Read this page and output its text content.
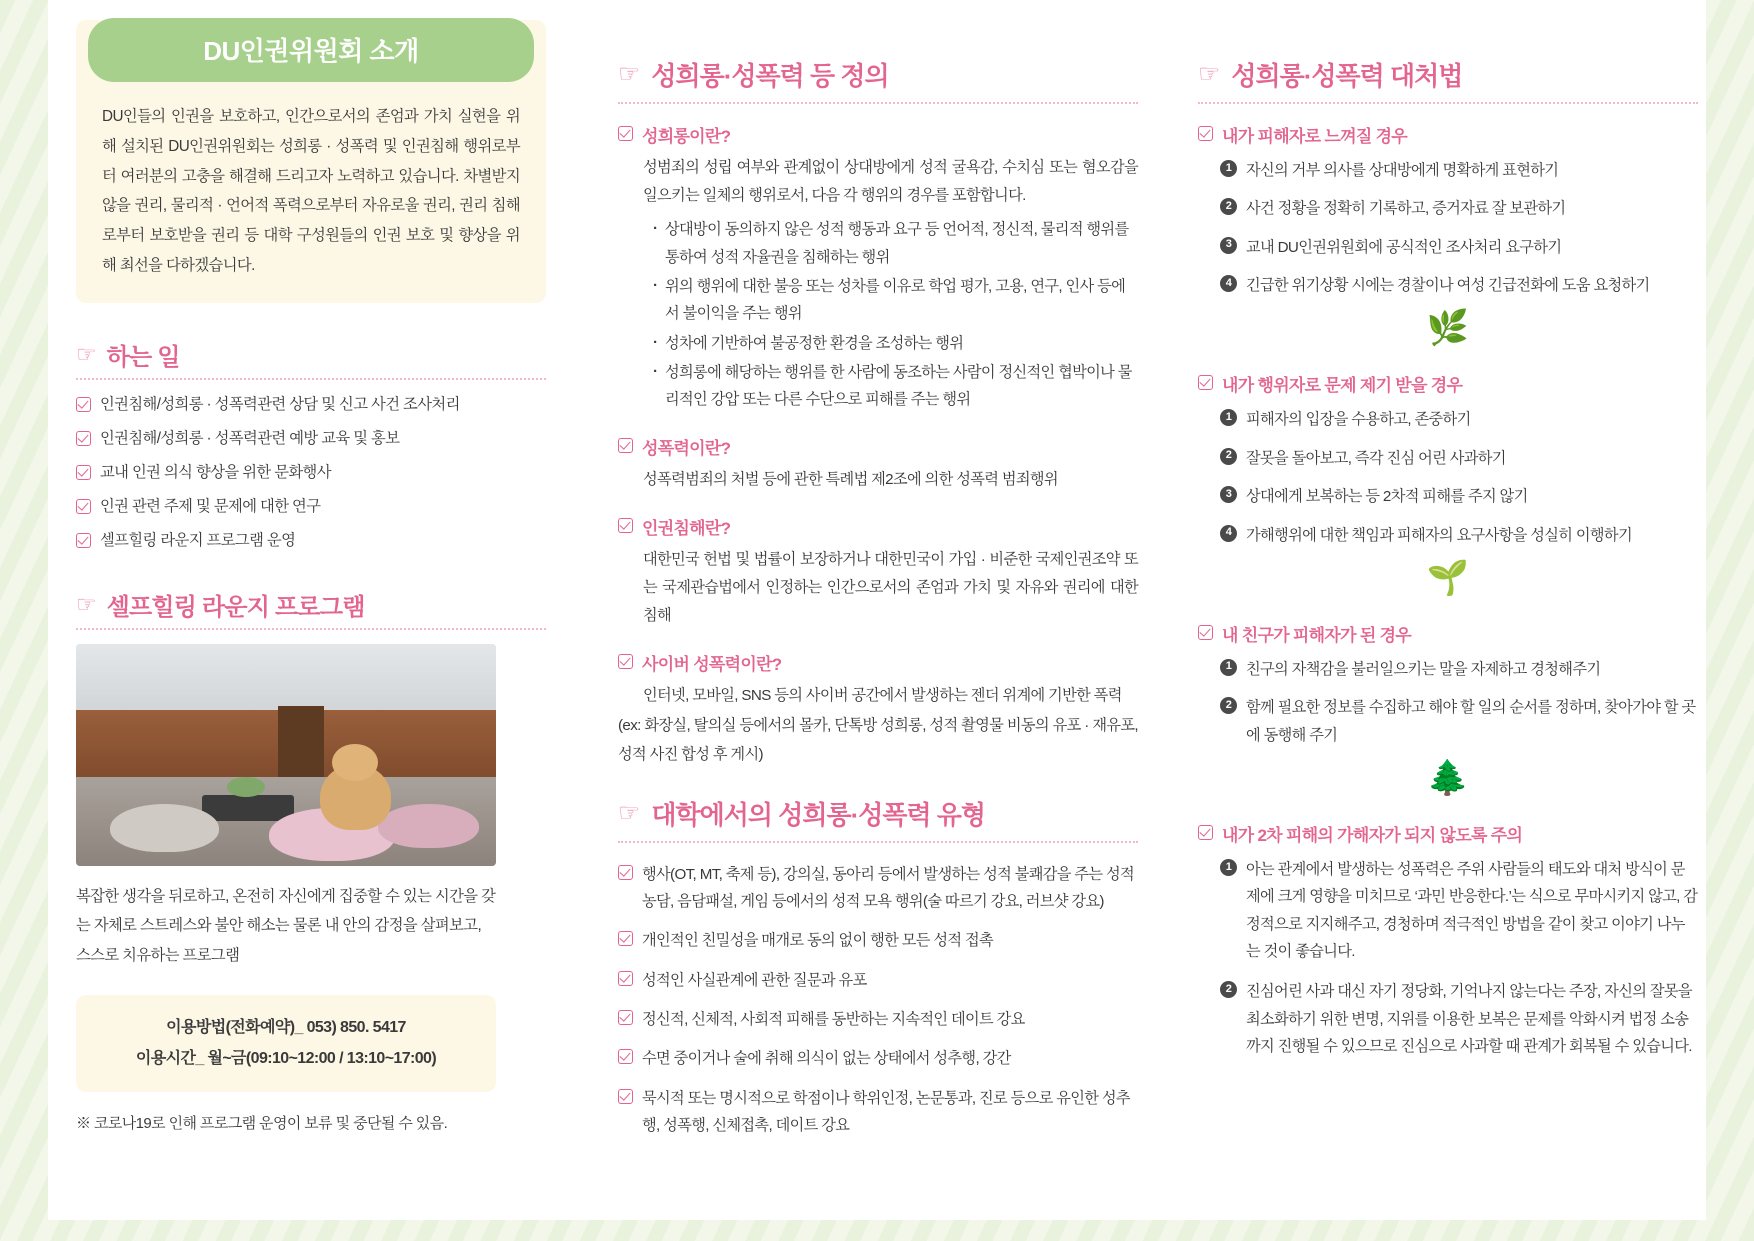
DU인권위원회 소개
DU인들의 인권을 보호하고, 인간으로서의 존엄과 가치 실현을 위해 설치된 DU인권위원회는 성희롱 · 성폭력 및 인권침해 행위로부터 여러분의 고충을 해결해 드리고자 노력하고 있습니다. 차별받지 않을 권리, 물리적 · 언어적 폭력으로부터 자유로울 권리, 권리 침해로부터 보호받을 권리 등 대학 구성원들의 인권 보호 및 향상을 위해 최선을 다하겠습니다.
☞ 하는 일
인권침해/성희롱 · 성폭력관련 상담 및 신고 사건 조사처리
인권침해/성희롱 · 성폭력관련 예방 교육 및 홍보
교내 인권 의식 향상을 위한 문화행사
인권 관련 주제 및 문제에 대한 연구
셀프힐링 라운지 프로그램 운영
☞ 셀프힐링 라운지 프로그램
복잡한 생각을 뒤로하고, 온전히 자신에게 집중할 수 있는 시간을 갖는 자체로 스트레스와 불안 해소는 물론 내 안의 감정을 살펴보고, 스스로 치유하는 프로그램
이용방법(전화예약)_ 053) 850. 5417
이용시간_ 월~금(09:10~12:00 / 13:10~17:00)
※ 코로나19로 인해 프로그램 운영이 보류 및 중단될 수 있음.
☞ 성희롱·성폭력 등 정의
성희롱이란?
성범죄의 성립 여부와 관계없이 상대방에게 성적 굴욕감, 수치심 또는 혐오감을 일으키는 일체의 행위로서, 다음 각 행위의 경우를 포함합니다.
· 상대방이 동의하지 않은 성적 행동과 요구 등 언어적, 정신적, 물리적 행위를 통하여 성적 자율권을 침해하는 행위
· 위의 행위에 대한 불응 또는 성차를 이유로 학업 평가, 고용, 연구, 인사 등에서 불이익을 주는 행위
· 성차에 기반하여 불공정한 환경을 조성하는 행위
· 성희롱에 해당하는 행위를 한 사람에 동조하는 사람이 정신적인 협박이나 물리적인 강압 또는 다른 수단으로 피해를 주는 행위
성폭력이란?
성폭력범죄의 처벌 등에 관한 특례법 제2조에 의한 성폭력 범죄행위
인권침해란?
대한민국 헌법 및 법률이 보장하거나 대한민국이 가입 · 비준한 국제인권조약 또는 국제관습법에서 인정하는 인간으로서의 존엄과 가치 및 자유와 권리에 대한 침해
사이버 성폭력이란?
인터넷, 모바일, SNS 등의 사이버 공간에서 발생하는 젠더 위계에 기반한 폭력
(ex: 화장실, 탈의실 등에서의 몰카, 단톡방 성희롱, 성적 촬영물 비동의 유포 · 재유포, 성적 사진 합성 후 게시)
☞ 대학에서의 성희롱·성폭력 유형
행사(OT, MT, 축제 등), 강의실, 동아리 등에서 발생하는 성적 불쾌감을 주는 성적 농담, 음담패설, 게임 등에서의 성적 모욕 행위(술 따르기 강요, 러브샷 강요)
개인적인 친밀성을 매개로 동의 없이 행한 모든 성적 접촉
성적인 사실관계에 관한 질문과 유포
정신적, 신체적, 사회적 피해를 동반하는 지속적인 데이트 강요
수면 중이거나 술에 취해 의식이 없는 상태에서 성추행, 강간
묵시적 또는 명시적으로 학점이나 학위인정, 논문통과, 진로 등으로 유인한 성추행, 성폭행, 신체접촉, 데이트 강요
☞ 성희롱·성폭력 대처법
내가 피해자로 느껴질 경우
1 자신의 거부 의사를 상대방에게 명확하게 표현하기
2 사건 정황을 정확히 기록하고, 증거자료 잘 보관하기
3 교내 DU인권위원회에 공식적인 조사처리 요구하기
4 긴급한 위기상황 시에는 경찰이나 여성 긴급전화에 도움 요청하기
🌿
내가 행위자로 문제 제기 받을 경우
1 피해자의 입장을 수용하고, 존중하기
2 잘못을 돌아보고, 즉각 진심 어린 사과하기
3 상대에게 보복하는 등 2차적 피해를 주지 않기
4 가해행위에 대한 책임과 피해자의 요구사항을 성실히 이행하기
🌱
내 친구가 피해자가 된 경우
1 친구의 자책감을 불러일으키는 말을 자제하고 경청해주기
2 함께 필요한 정보를 수집하고 해야 할 일의 순서를 정하며, 찾아가야 할 곳에 동행해 주기
🌲
내가 2차 피해의 가해자가 되지 않도록 주의
1 아는 관계에서 발생하는 성폭력은 주위 사람들의 태도와 대처 방식이 문제에 크게 영향을 미치므로 ‘과민 반응한다.’는 식으로 무마시키지 않고, 감정적으로 지지해주고, 경청하며 적극적인 방법을 같이 찾고 이야기 나누는 것이 좋습니다.
2 진심어린 사과 대신 자기 정당화, 기억나지 않는다는 주장, 자신의 잘못을 최소화하기 위한 변명, 지위를 이용한 보복은 문제를 악화시켜 법정 소송까지 진행될 수 있으므로 진심으로 사과할 때 관계가 회복될 수 있습니다.
